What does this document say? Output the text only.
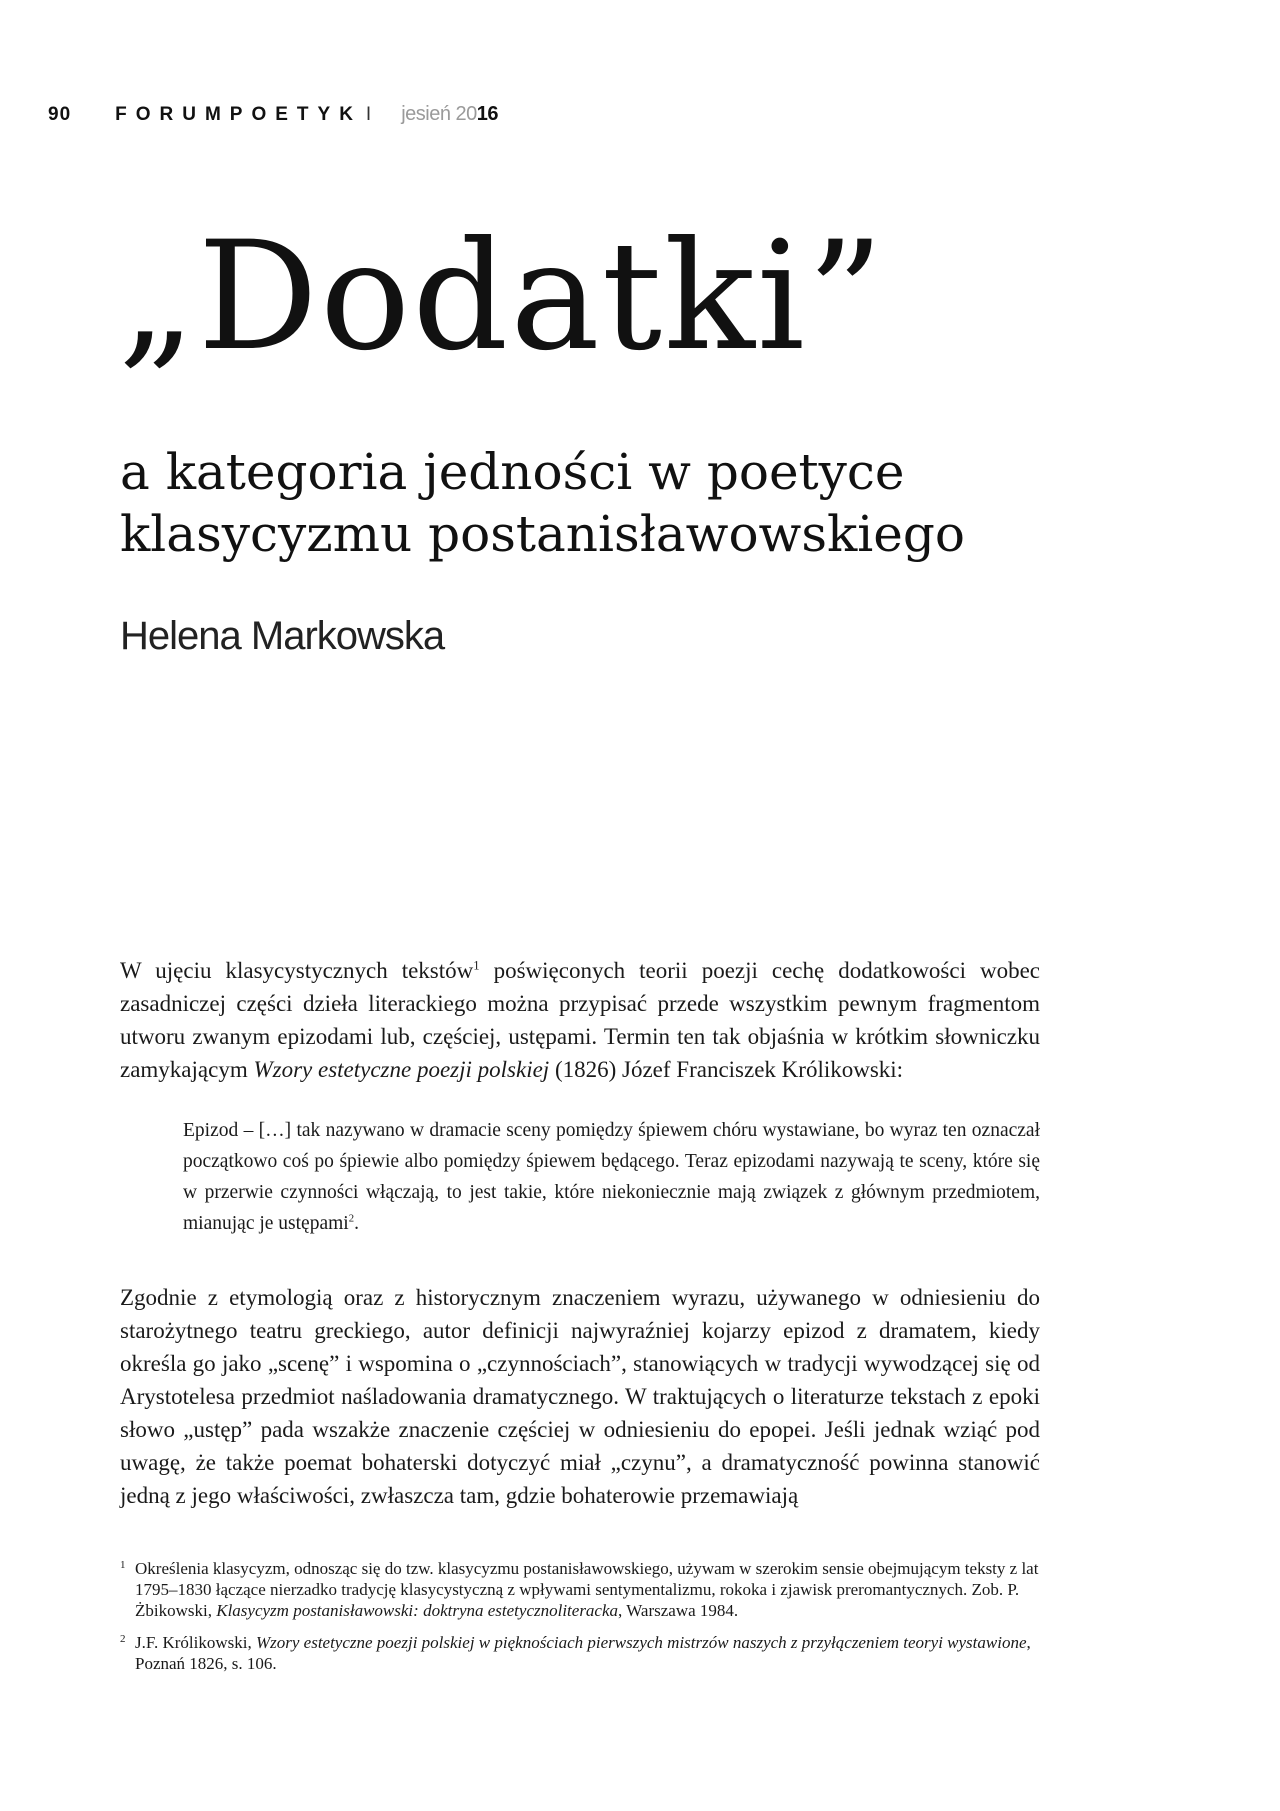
90 FORUMPOETYK I jesień 2016
„Dodatki”
a kategoria jedności w poetyce klasycyzmu postanisławowskiego
Helena Markowska

W ujęciu klasycystycznych tekstów$^1$ poświęconych teorii poezji cechę dodatkowości wobec zasadniczej części dzieła literackiego można przypisać przede wszystkim pewnym fragmentom utworu zwanym epizodami lub, częściej, ustępami. Termin ten tak objaśnia w krótkim słowniczku zamykającym Wzory estetyczne poezji polskiej (1826) Józef Franciszek Królikowski:

Epizod – […] tak nazywano w dramacie sceny pomiędzy śpiewem chóru wystawiane, bo wyraz ten oznaczał początkowo coś po śpiewie albo pomiędzy śpiewem będącego. Teraz epizodami nazywają te sceny, które się w przerwie czynności włączają, to jest takie, które niekoniecznie mają związek z głównym przedmiotem, mianując je ustępami$^2$.

Zgodnie z etymologią oraz z historycznym znaczeniem wyrazu, używanego w odniesieniu do starożytnego teatru greckiego, autor definicji najwyraźniej kojarzy epizod z dramatem, kiedy określa go jako „scenę” i wspomina o „czynnościach”, stanowiących w tradycji wywodzącej się od Arystotelesa przedmiot naśladowania dramatycznego. W traktujących o literaturze tekstach z epoki słowo „ustęp” pada wszakże znaczenie częściej w odniesieniu do epopei. Jeśli jednak wziąć pod uwagę, że także poemat bohaterski dotyczyć miał „czynu”, a dramatyczność powinna stanowić jedną z jego właściwości, zwłaszcza tam, gdzie bohaterowie przemawiają

1 Określenia klasycyzm, odnosząc się do tzw. klasycyzmu postanisławowskiego, używam w szerokim sensie obejmującym teksty z lat 1795–1830 łączące nierzadko tradycję klasycystyczną z wpływami sentymentalizmu, rokoka i zjawisk preromantycznych. Zob. P. Żbikowski, Klasycyzm postanisławowski: doktryna estetycznoliteracka, Warszawa 1984.
2 J.F. Królikowski, Wzory estetyczne poezji polskiej w pięknościach pierwszych mistrzów naszych z przyłączeniem teoryi wystawione, Poznań 1826, s. 106.
